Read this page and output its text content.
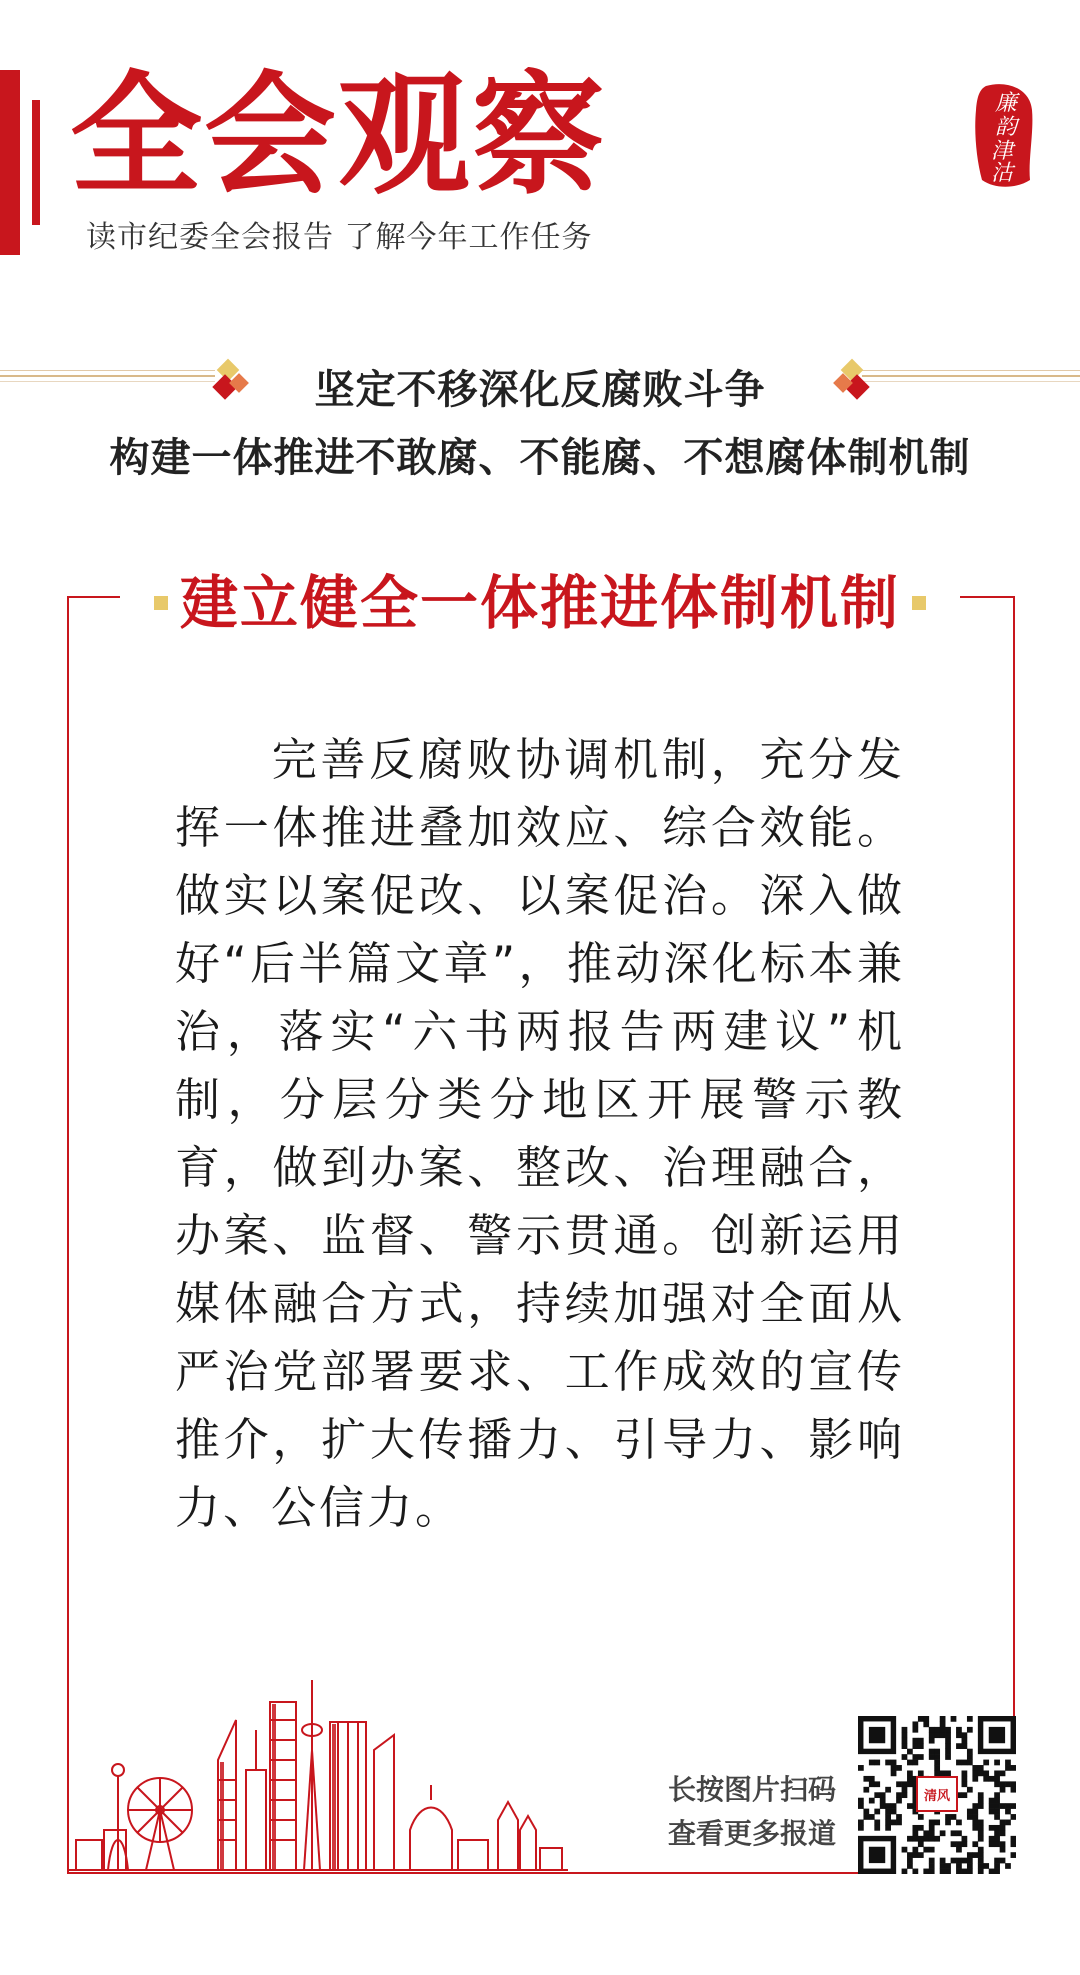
全会观察
读市纪委全会报告 了解今年工作任务
廉
韵
津
沽
坚定不移深化反腐败斗争
构建一体推进不敢腐、不能腐、不想腐体制机制
建立健全一体推进体制机制

完善反腐败协调机制，充分发挥一体推进叠加效应、综合效能。做实以案促改、以案促治。深入做好“后半篇文章”，推动深化标本兼治，落实“六书两报告两建议”机制，分层分类分地区开展警示教育，做到办案、整改、治理融合，办案、监督、警示贯通。创新运用媒体融合方式，持续加强对全面从严治党部署要求、工作成效的宣传推介，扩大传播力、引导力、影响力、公信力。

长按图片扫码
查看更多报道
清风
